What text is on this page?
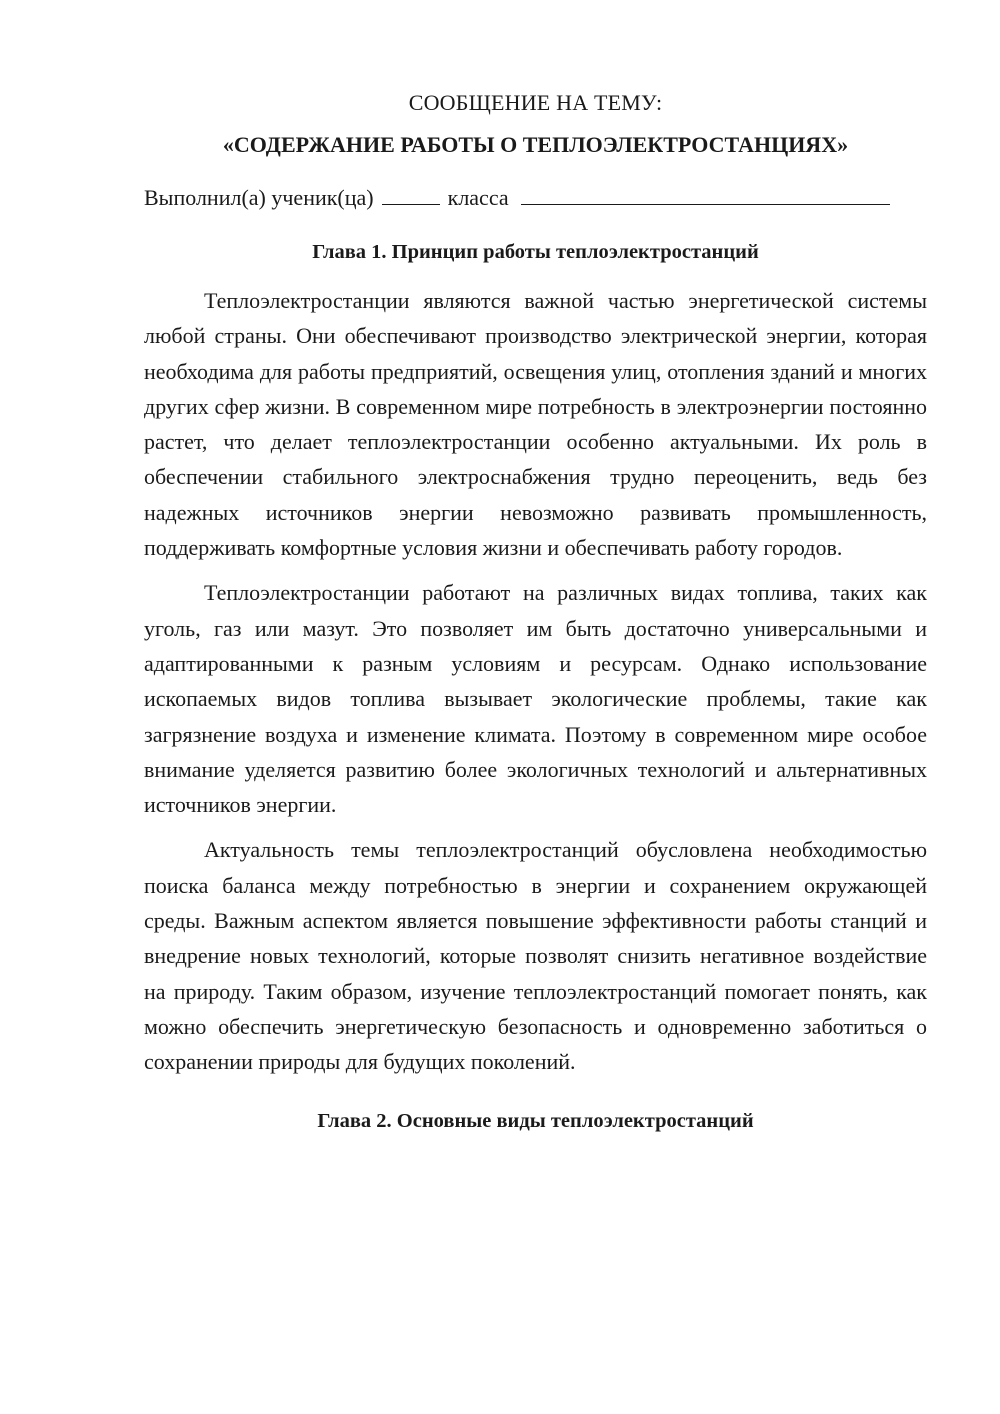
СООБЩЕНИЕ НА ТЕМУ:

«СОДЕРЖАНИЕ РАБОТЫ О ТЕПЛОЭЛЕКТРОСТАНЦИЯХ»

Выполнил(а) ученик(ца)	класса

Глава 1. Принцип работы теплоэлектростанций

Теплоэлектростанции являются важной частью энергетической системы любой страны. Они обеспечивают производство электрической энергии, которая необходима для работы предприятий, освещения улиц, отопления зданий и многих других сфер жизни. В современном мире потребность в электроэнергии постоянно растет, что делает теплоэлектростанции особенно актуальными. Их роль в обеспечении стабильного электроснабжения трудно переоценить, ведь без надежных источников энергии невозможно развивать промышленность, поддерживать комфортные условия жизни и обеспечивать работу городов.

Теплоэлектростанции работают на различных видах топлива, таких как уголь, газ или мазут. Это позволяет им быть достаточно универсальными и адаптированными к разным условиям и ресурсам. Однако использование ископаемых видов топлива вызывает экологические проблемы, такие как загрязнение воздуха и изменение климата. Поэтому в современном мире особое внимание уделяется развитию более экологичных технологий и альтернативных источников энергии.

Актуальность темы теплоэлектростанций обусловлена необходимостью поиска баланса между потребностью в энергии и сохранением окружающей среды. Важным аспектом является повышение эффективности работы станций и внедрение новых технологий, которые позволят снизить негативное воздействие на природу. Таким образом, изучение теплоэлектростанций помогает понять, как можно обеспечить энергетическую безопасность и одновременно заботиться о сохранении природы для будущих поколений.

Глава 2. Основные виды теплоэлектростанций
